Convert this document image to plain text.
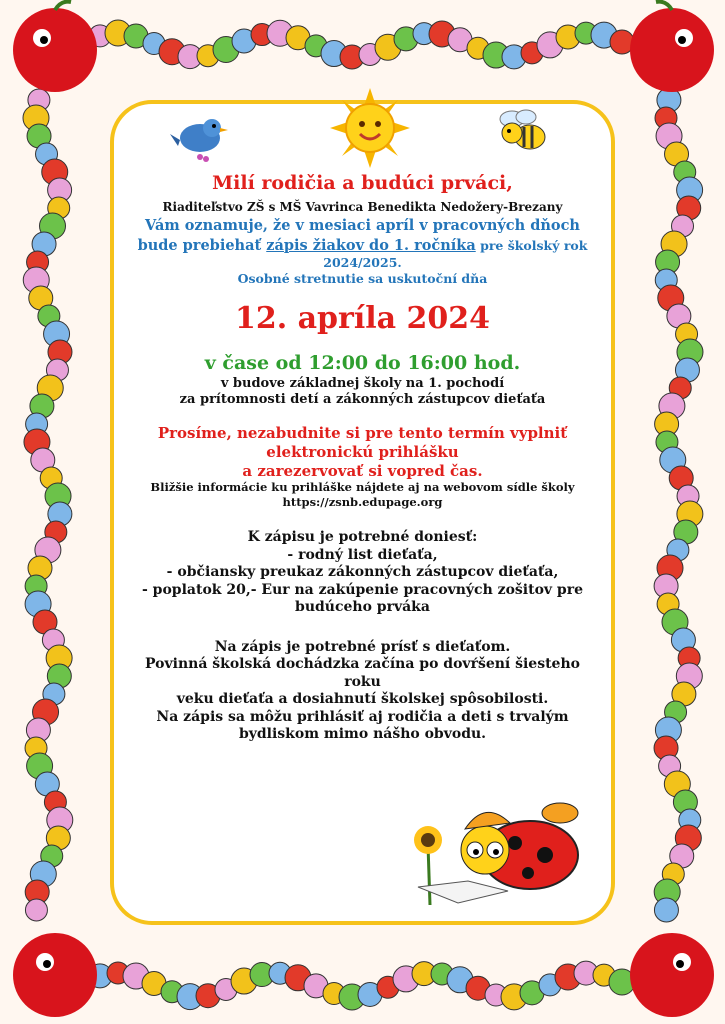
Milí rodičia a budúci prváci,
Riaditeľstvo ZŠ s MŠ Vavrinca Benedikta Nedožery-Brezany
Vám oznamuje, že v mesiaci apríl v pracovných dňoch
bude prebiehať zápis žiakov do 1. ročníka pre školský rok
2024/2025.
Osobné stretnutie sa uskutoční dňa
12. apríla 2024
v čase od 12:00 do 16:00 hod.
v budove základnej školy na 1. pochodí
za prítomnosti detí a zákonných zástupcov dieťaťa
Prosíme, nezabudnite si pre tento termín vyplniť
elektronickú prihlášku
a zarezervovať si vopred čas.
Bližšie informácie ku prihláške nájdete aj na webovom sídle školy
https://zsnb.edupage.org
K zápisu je potrebné doniesť:
- rodný list dieťaťa,
- občiansky preukaz zákonných zástupcov dieťaťa,
- poplatok 20,- Eur na zakúpenie pracovných zošitov pre
budúceho prváka
Na zápis je potrebné prísť s dieťaťom.
Povinná školská dochádzka začína po dovŕšení šiesteho roku
veku dieťaťa a dosiahnutí školskej spôsobilosti.
Na zápis sa môžu prihlásiť aj rodičia a deti s trvalým
bydliskom mimo nášho obvodu.
